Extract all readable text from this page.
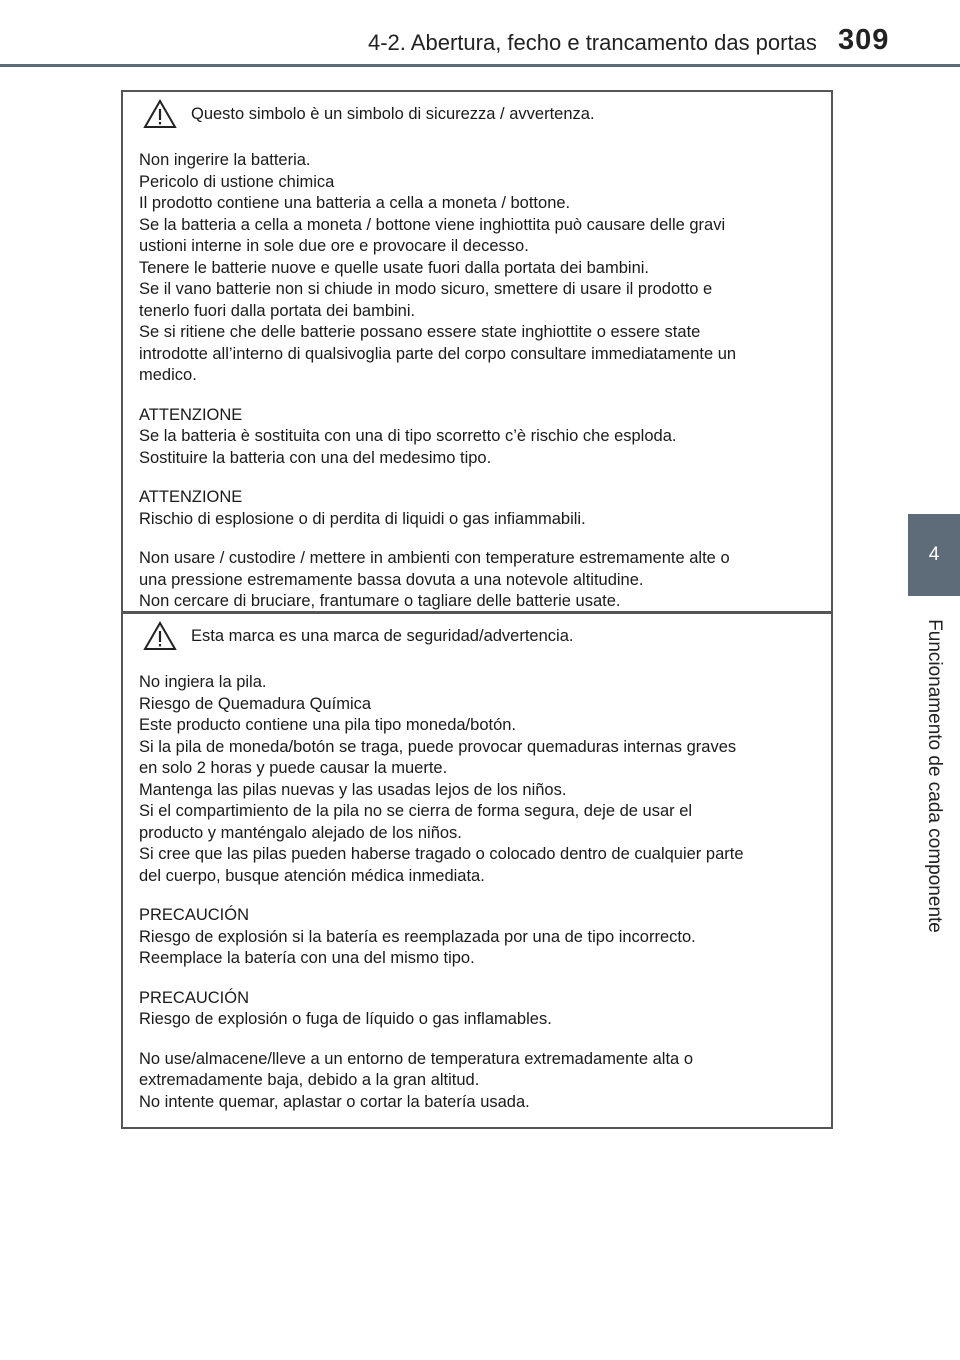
4-2. Abertura, fecho e trancamento das portas 309
4
Funcionamento de cada componente
Questo simbolo è un simbolo di sicurezza / avvertenza.
Non ingerire la batteria.
Pericolo di ustione chimica
Il prodotto contiene una batteria a cella a moneta / bottone.
Se la batteria a cella a moneta / bottone viene inghiottita può causare delle gravi
ustioni interne in sole due ore e provocare il decesso.
Tenere le batterie nuove e quelle usate fuori dalla portata dei bambini.
Se il vano batterie non si chiude in modo sicuro, smettere di usare il prodotto e
tenerlo fuori dalla portata dei bambini.
Se si ritiene che delle batterie possano essere state inghiottite o essere state
introdotte all’interno di qualsivoglia parte del corpo consultare immediatamente un
medico.
ATTENZIONE
Se la batteria è sostituita con una di tipo scorretto c’è rischio che esploda.
Sostituire la batteria con una del medesimo tipo.
ATTENZIONE
Rischio di esplosione o di perdita di liquidi o gas infiammabili.
Non usare / custodire / mettere in ambienti con temperature estremamente alte o
una pressione estremamente bassa dovuta a una notevole altitudine.
Non cercare di bruciare, frantumare o tagliare delle batterie usate.
Esta marca es una marca de seguridad/advertencia.
No ingiera la pila.
Riesgo de Quemadura Química
Este producto contiene una pila tipo moneda/botón.
Si la pila de moneda/botón se traga, puede provocar quemaduras internas graves
en solo 2 horas y puede causar la muerte.
Mantenga las pilas nuevas y las usadas lejos de los niños.
Si el compartimiento de la pila no se cierra de forma segura, deje de usar el
producto y manténgalo alejado de los niños.
Si cree que las pilas pueden haberse tragado o colocado dentro de cualquier parte
del cuerpo, busque atención médica inmediata.
PRECAUCIÓN
Riesgo de explosión si la batería es reemplazada por una de tipo incorrecto.
Reemplace la batería con una del mismo tipo.
PRECAUCIÓN
Riesgo de explosión o fuga de líquido o gas inflamables.
No use/almacene/lleve a un entorno de temperatura extremadamente alta o
extremadamente baja, debido a la gran altitud.
No intente quemar, aplastar o cortar la batería usada.
